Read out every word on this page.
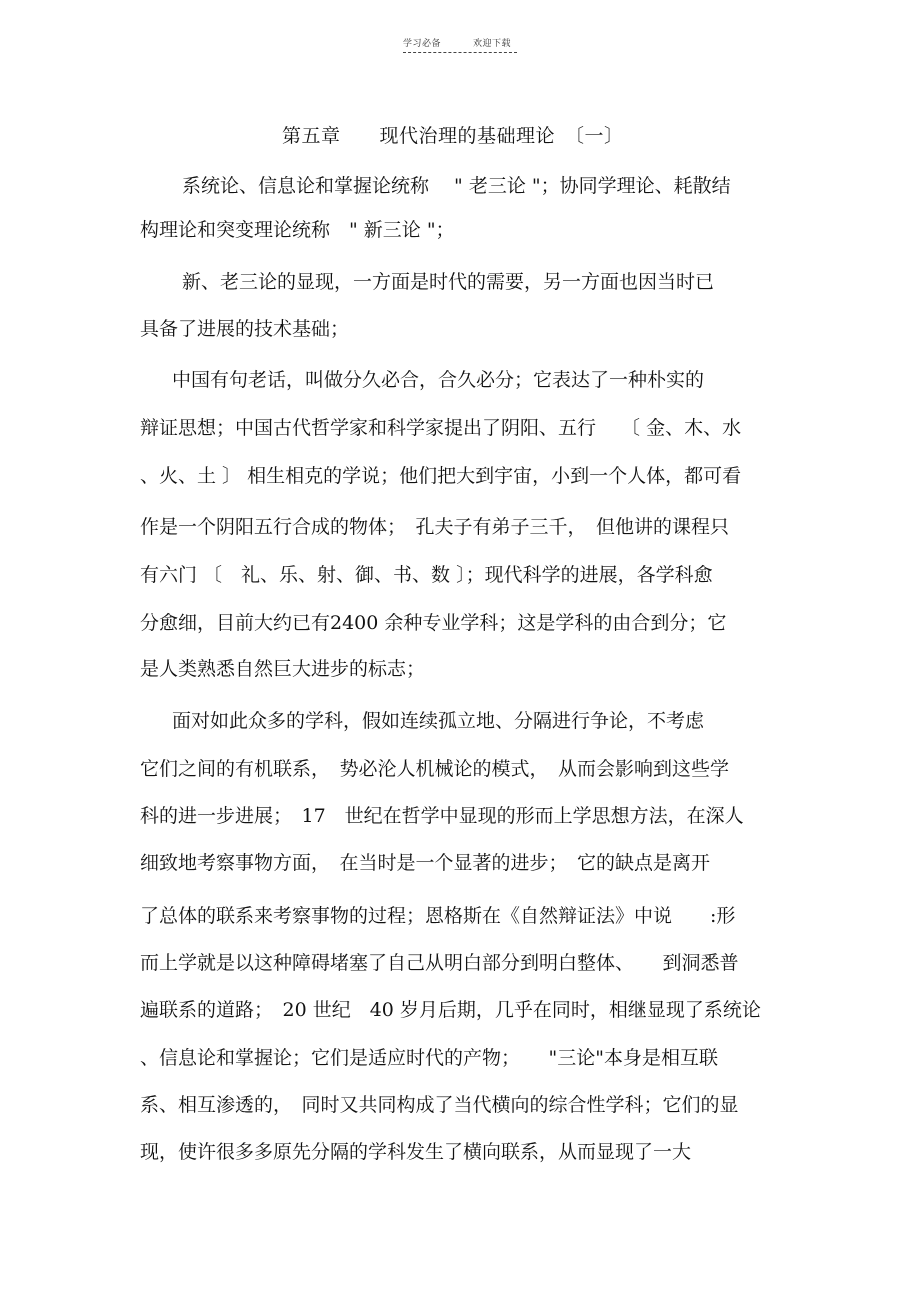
学习必备	欢迎下载
第五章　　现代治理的基础理论　〔一〕
系统论、信息论和掌握论统称　 " 老三论 "；协同学理论、耗散结
构理论和突变理论统称　" 新三论 "；
新、老三论的显现，一方面是时代的需要，另一方面也因当时已
具备了进展的技术基础；
中国有句老话，叫做分久必合，合久必分；它表达了一种朴实的
辩证思想；中国古代哲学家和科学家提出了阴阳、五行　 〔 金、木、水
、火、土 〕 相生相克的学说；他们把大到宇宙，小到一个人体，都可看
作是一个阴阳五行合成的物体；　孔夫子有弟子三千，　但他讲的课程只
有六门 〔　礼、乐、射、御、书、数 〕；现代科学的进展，各学科愈
分愈细，目前大约已有2400 余种专业学科；这是学科的由合到分；它
是人类熟悉自然巨大进步的标志；
面对如此众多的学科，假如连续孤立地、分隔进行争论，不考虑
它们之间的有机联系，　势必沦人机械论的模式，　从而会影响到这些学
科的进一步进展；　17　世纪在哲学中显现的形而上学思想方法，在深人
细致地考察事物方面，　在当时是一个显著的进步；　它的缺点是离开
了总体的联系来考察事物的过程；恩格斯在《自然辩证法》中说　　:形
而上学就是以这种障碍堵塞了自己从明白部分到明白整体、　　到洞悉普
遍联系的道路；　20 世纪　40 岁月后期，几乎在同时，相继显现了系统论
、信息论和掌握论；它们是适应时代的产物；　　"三论"本身是相互联
系、相互渗透的，　同时又共同构成了当代横向的综合性学科；它们的显
现，使许很多多原先分隔的学科发生了横向联系，从而显现了一大
